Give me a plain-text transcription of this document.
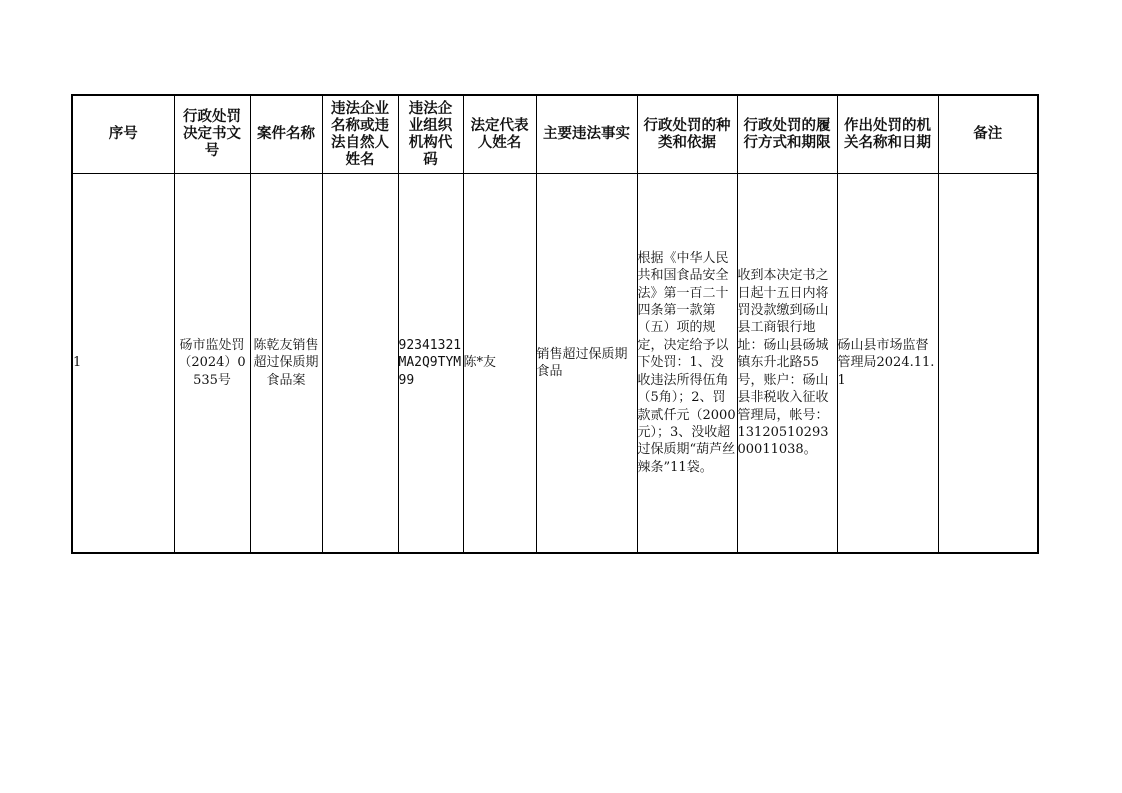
序号	行政处罚决定书文号	案件名称	违法企业名称或违法自然人姓名	违法企业组织机构代码	法定代表人姓名	主要违法事实	行政处罚的种类和依据	行政处罚的履行方式和期限	作出处罚的机关名称和日期	备注
1	砀市监处罚（2024）0535号	陈乾友销售超过保质期食品案		92341321MA2Q9TYM99	陈*友	销售超过保质期食品	根据《中华人民共和国食品安全法》第一百二十四条第一款第（五）项的规定，决定给予以下处罚：1、没收违法所得伍角（5角）；2、罚款贰仟元（2000元）；3、没收超过保质期“葫芦丝辣条”11袋。	收到本决定书之日起十五日内将罚没款缴到砀山县工商银行地址：砀山县砀城镇东升北路55号，账户：砀山县非税收入征收管理局，帐号：1312051029300011038。	砀山县市场监督管理局2024.11.1	
